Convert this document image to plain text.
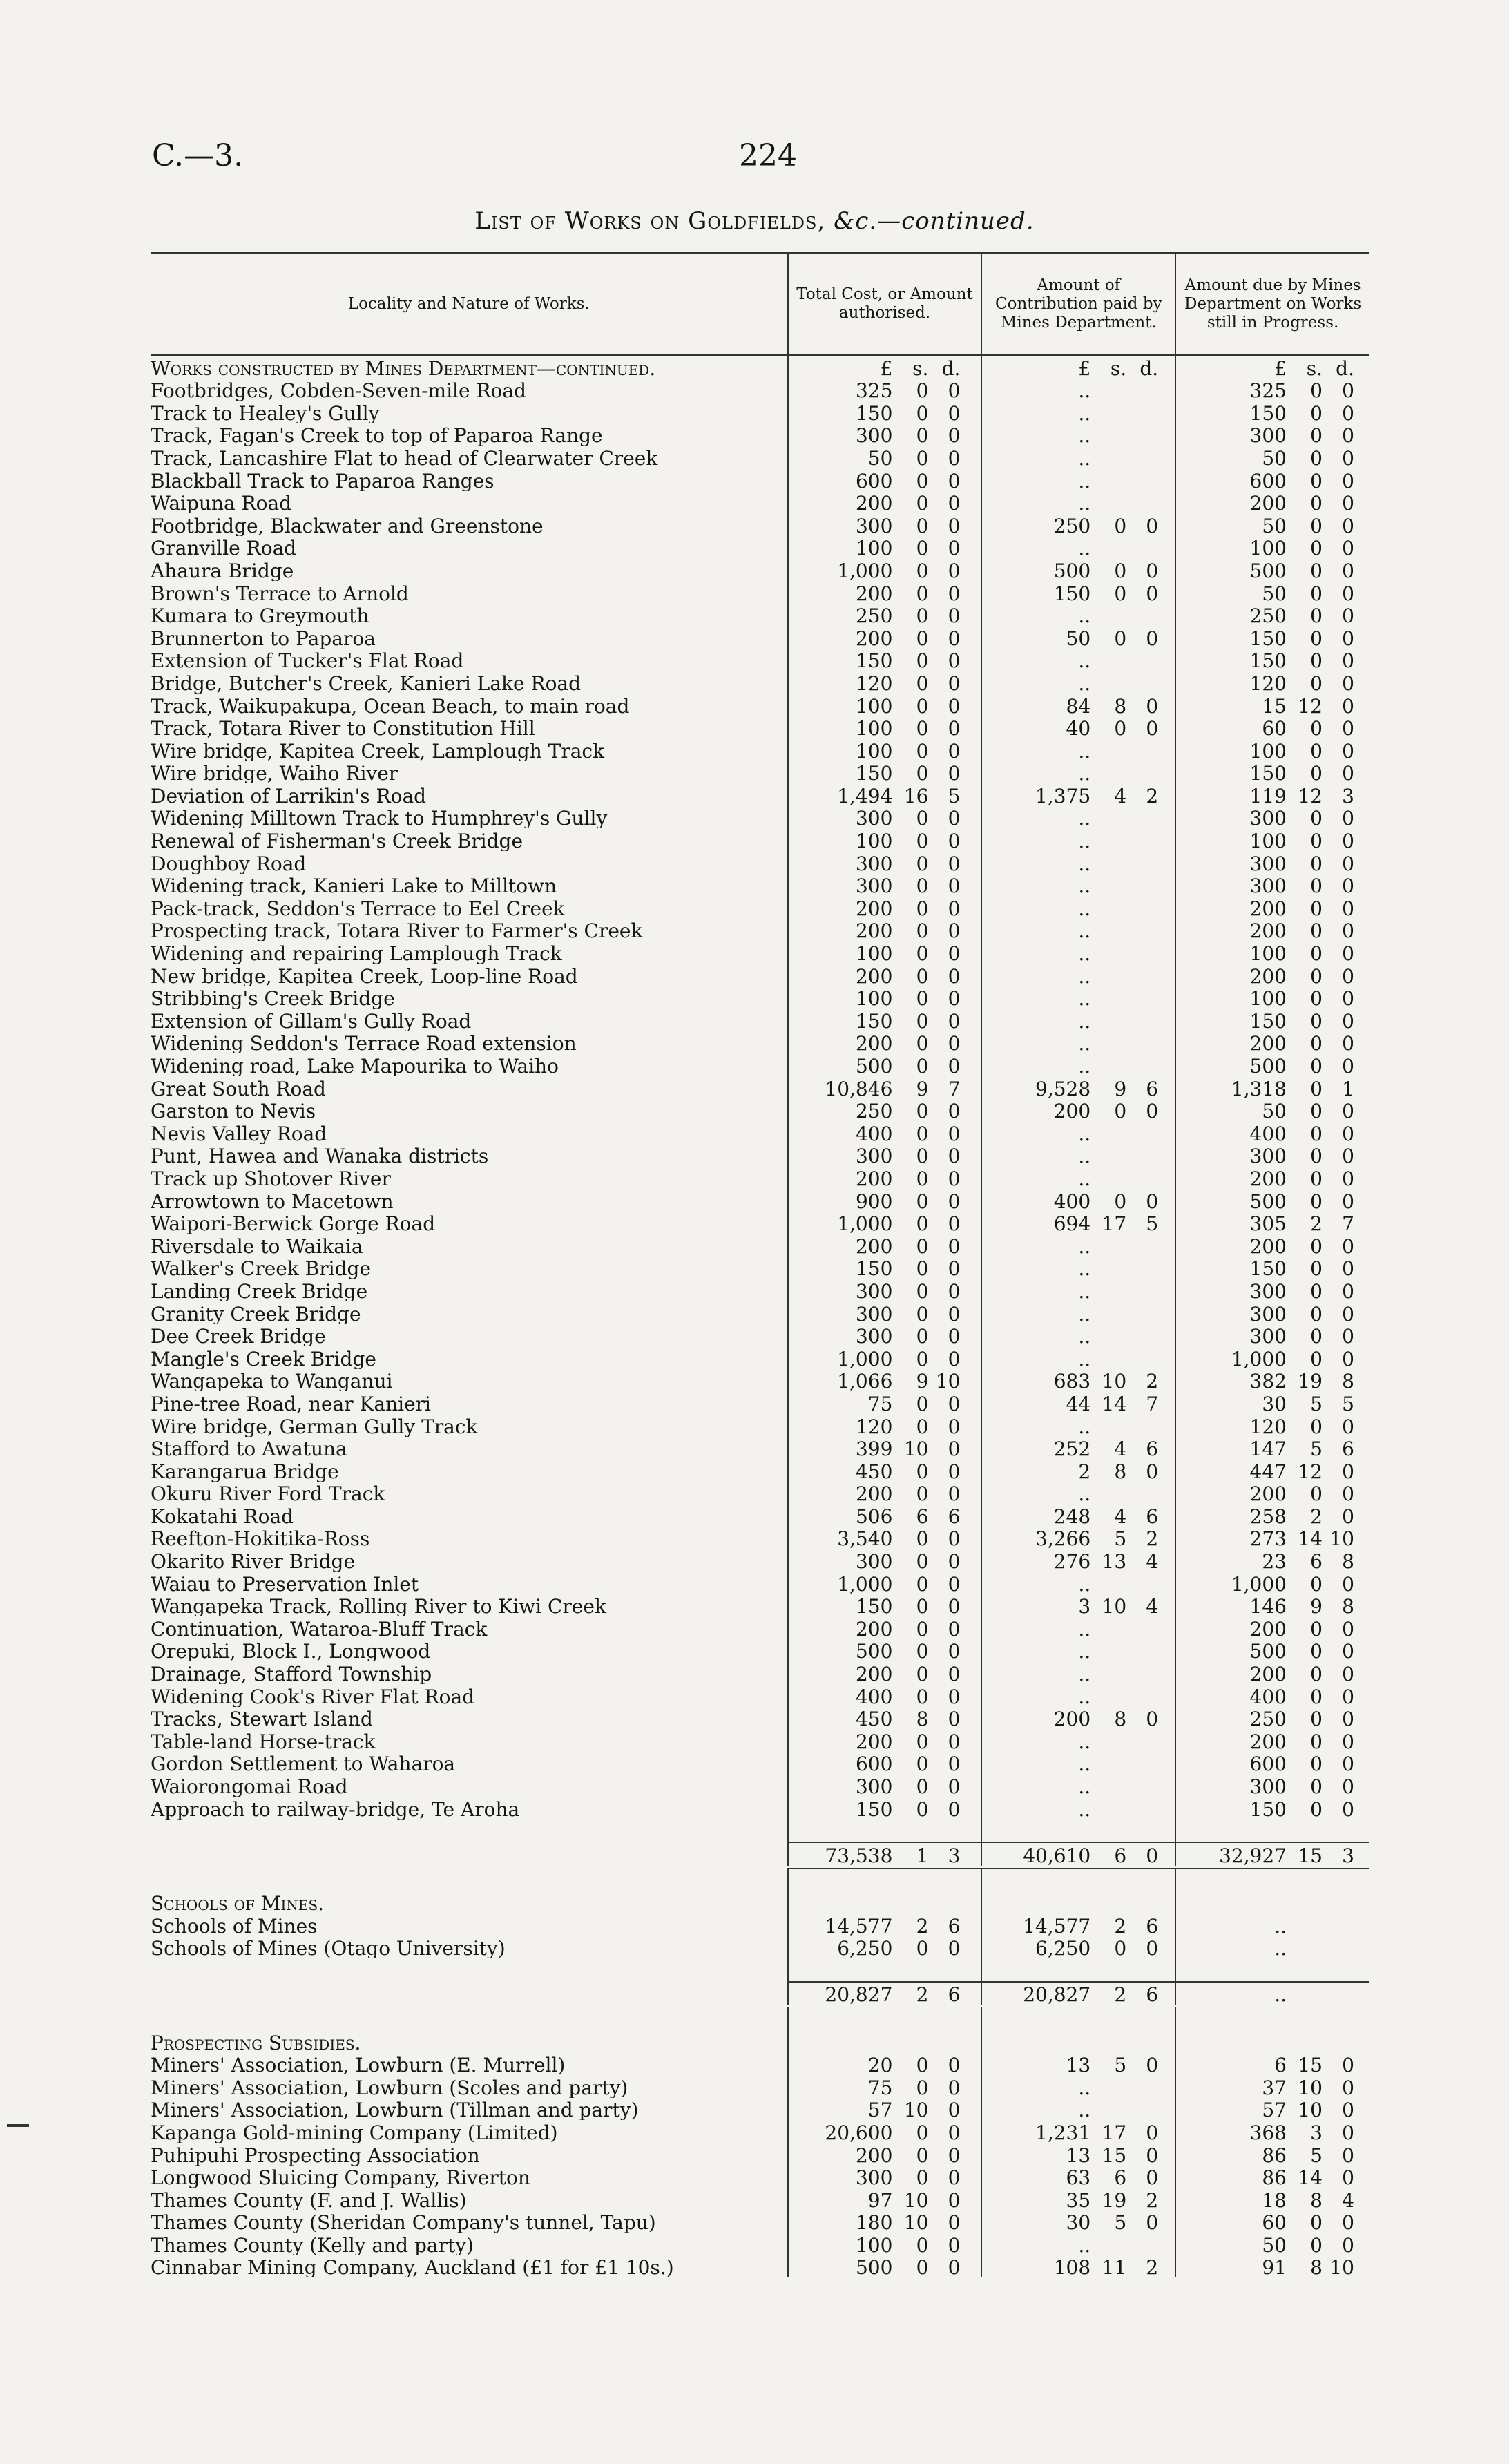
C.—3.	224
List of Works on Goldfields, &c.—continued.
Locality and Nature of Works.	Total Cost, or Amount authorised.	Amount of Contribution paid by Mines Department.	Amount due by Mines Department on Works still in Progress.

Works constructed by Mines Department—continued.	£ s. d.	£ s. d.	£ s. d.

Footbridges, Cobden-Seven-mile Road	325 0 0	..	325 0 0

Track to Healey's Gully	150 0 0	..	150 0 0

Track, Fagan's Creek to top of Paparoa Range	300 0 0	..	300 0 0

Track, Lancashire Flat to head of Clearwater Creek	50 0 0	..	50 0 0

Blackball Track to Paparoa Ranges	600 0 0	..	600 0 0

Waipuna Road	200 0 0	..	200 0 0

Footbridge, Blackwater and Greenstone	300 0 0	250 0 0	50 0 0

Granville Road	100 0 0	..	100 0 0

Ahaura Bridge	1,000 0 0	500 0 0	500 0 0

Brown's Terrace to Arnold	200 0 0	150 0 0	50 0 0

Kumara to Greymouth	250 0 0	..	250 0 0

Brunnerton to Paparoa	200 0 0	50 0 0	150 0 0

Extension of Tucker's Flat Road	150 0 0	..	150 0 0

Bridge, Butcher's Creek, Kanieri Lake Road	120 0 0	..	120 0 0

Track, Waikupakupa, Ocean Beach, to main road	100 0 0	84 8 0	15 12 0

Track, Totara River to Constitution Hill	100 0 0	40 0 0	60 0 0

Wire bridge, Kapitea Creek, Lamplough Track	100 0 0	..	100 0 0

Wire bridge, Waiho River	150 0 0	..	150 0 0

Deviation of Larrikin's Road	1,494 16 5	1,375 4 2	119 12 3

Widening Milltown Track to Humphrey's Gully	300 0 0	..	300 0 0

Renewal of Fisherman's Creek Bridge	100 0 0	..	100 0 0

Doughboy Road	300 0 0	..	300 0 0

Widening track, Kanieri Lake to Milltown	300 0 0	..	300 0 0

Pack-track, Seddon's Terrace to Eel Creek	200 0 0	..	200 0 0

Prospecting track, Totara River to Farmer's Creek	200 0 0	..	200 0 0

Widening and repairing Lamplough Track	100 0 0	..	100 0 0

New bridge, Kapitea Creek, Loop-line Road	200 0 0	..	200 0 0

Stribbing's Creek Bridge	100 0 0	..	100 0 0

Extension of Gillam's Gully Road	150 0 0	..	150 0 0

Widening Seddon's Terrace Road extension	200 0 0	..	200 0 0

Widening road, Lake Mapourika to Waiho	500 0 0	..	500 0 0

Great South Road	10,846 9 7	9,528 9 6	1,318 0 1

Garston to Nevis	250 0 0	200 0 0	50 0 0

Nevis Valley Road	400 0 0	..	400 0 0

Punt, Hawea and Wanaka districts	300 0 0	..	300 0 0

Track up Shotover River	200 0 0	..	200 0 0

Arrowtown to Macetown	900 0 0	400 0 0	500 0 0

Waipori-Berwick Gorge Road	1,000 0 0	694 17 5	305 2 7

Riversdale to Waikaia	200 0 0	..	200 0 0

Walker's Creek Bridge	150 0 0	..	150 0 0

Landing Creek Bridge	300 0 0	..	300 0 0

Granity Creek Bridge	300 0 0	..	300 0 0

Dee Creek Bridge	300 0 0	..	300 0 0

Mangle's Creek Bridge	1,000 0 0	..	1,000 0 0

Wangapeka to Wanganui	1,066 9 10	683 10 2	382 19 8

Pine-tree Road, near Kanieri	75 0 0	44 14 7	30 5 5

Wire bridge, German Gully Track	120 0 0	..	120 0 0

Stafford to Awatuna	399 10 0	252 4 6	147 5 6

Karangarua Bridge	450 0 0	2 8 0	447 12 0

Okuru River Ford Track	200 0 0	..	200 0 0

Kokatahi Road	506 6 6	248 4 6	258 2 0

Reefton-Hokitika-Ross	3,540 0 0	3,266 5 2	273 14 10

Okarito River Bridge	300 0 0	276 13 4	23 6 8

Waiau to Preservation Inlet	1,000 0 0	..	1,000 0 0

Wangapeka Track, Rolling River to Kiwi Creek	150 0 0	3 10 4	146 9 8

Continuation, Wataroa-Bluff Track	200 0 0	..	200 0 0

Orepuki, Block I., Longwood	500 0 0	..	500 0 0

Drainage, Stafford Township	200 0 0	..	200 0 0

Widening Cook's River Flat Road	400 0 0	..	400 0 0

Tracks, Stewart Island	450 8 0	200 8 0	250 0 0

Table-land Horse-track	200 0 0	..	200 0 0

Gordon Settlement to Waharoa	600 0 0	..	600 0 0

Waiorongomai Road	300 0 0	..	300 0 0

Approach to railway-bridge, Te Aroha	150 0 0	..	150 0 0

	73,538 1 3	40,610 6 0	32,927 15 3

Schools of Mines.			

Schools of Mines	14,577 2 6	14,577 2 6	..

Schools of Mines (Otago University)	6,250 0 0	6,250 0 0	..

	20,827 2 6	20,827 2 6	..

Prospecting Subsidies.			

Miners' Association, Lowburn (E. Murrell)	20 0 0	13 5 0	6 15 0

Miners' Association, Lowburn (Scoles and party)	75 0 0	..	37 10 0

Miners' Association, Lowburn (Tillman and party)	57 10 0	..	57 10 0

Kapanga Gold-mining Company (Limited)	20,600 0 0	1,231 17 0	368 3 0

Puhipuhi Prospecting Association	200 0 0	13 15 0	86 5 0

Longwood Sluicing Company, Riverton	300 0 0	63 6 0	86 14 0

Thames County (F. and J. Wallis)	97 10 0	35 19 2	18 8 4

Thames County (Sheridan Company's tunnel, Tapu)	180 10 0	30 5 0	60 0 0

Thames County (Kelly and party)	100 0 0	..	50 0 0

Cinnabar Mining Company, Auckland (£1 for £1 10s.)	500 0 0	108 11 2	91 8 10
